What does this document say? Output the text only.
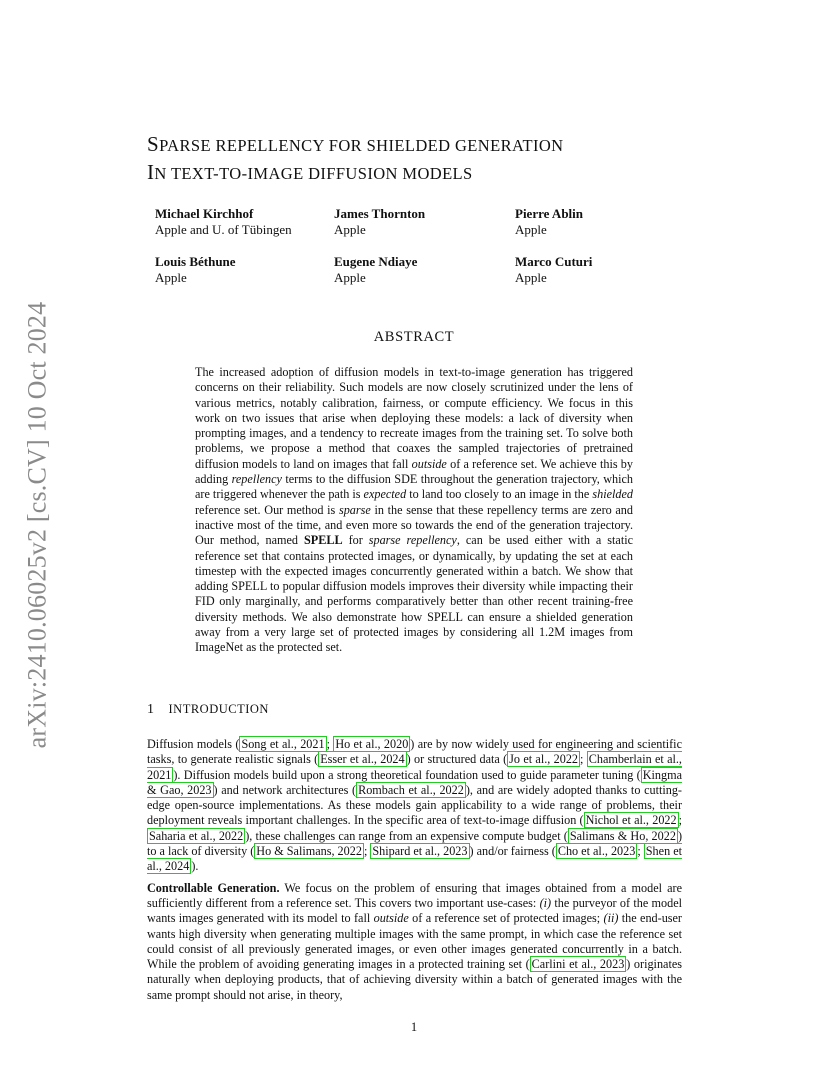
arXiv:2410.06025v2 [cs.CV] 10 Oct 2024
SPARSE REPELLENCY FOR SHIELDED GENERATION
IN TEXT-TO-IMAGE DIFFUSION MODELS
Michael Kirchhof
Apple and U. of Tübingen
James Thornton
Apple
Pierre Ablin
Apple
Louis Béthune
Apple
Eugene Ndiaye
Apple
Marco Cuturi
Apple
ABSTRACT
The increased adoption of diffusion models in text-to-image generation has triggered concerns on their reliability. Such models are now closely scrutinized under the lens of various metrics, notably calibration, fairness, or compute efficiency. We focus in this work on two issues that arise when deploying these models: a lack of diversity when prompting images, and a tendency to recreate images from the training set. To solve both problems, we propose a method that coaxes the sampled trajectories of pretrained diffusion models to land on images that fall outside of a reference set. We achieve this by adding repellency terms to the diffusion SDE throughout the generation trajectory, which are triggered whenever the path is expected to land too closely to an image in the shielded reference set. Our method is sparse in the sense that these repellency terms are zero and inactive most of the time, and even more so towards the end of the generation trajectory. Our method, named SPELL for sparse repellency, can be used either with a static reference set that contains protected images, or dynamically, by updating the set at each timestep with the expected images concurrently generated within a batch. We show that adding SPELL to popular diffusion models improves their diversity while impacting their FID only marginally, and performs comparatively better than other recent training-free diversity methods. We also demonstrate how SPELL can ensure a shielded generation away from a very large set of protected images by considering all 1.2M images from ImageNet as the protected set.
1 INTRODUCTION

Diffusion models ( Song et al., 2021 ; Ho et al., 2020 ) are by now widely used for engineering and scientific tasks, to generate realistic signals ( Esser et al., 2024 ) or structured data ( Jo et al., 2022 ; Chamberlain et al., 2021 ). Diffusion models build upon a strong theoretical foundation used to guide parameter tuning ( Kingma & Gao, 2023 ) and network architectures ( Rombach et al., 2022 ), and are widely adopted thanks to cutting-edge open-source implementations. As these models gain applicability to a wide range of problems, their deployment reveals important challenges. In the specific area of text-to-image diffusion ( Nichol et al., 2022 ; Saharia et al., 2022 ), these challenges can range from an expensive compute budget ( Salimans & Ho, 2022 ) to a lack of diversity ( Ho & Salimans, 2022 ; Shipard et al., 2023 ) and/or fairness ( Cho et al., 2023 ; Shen et al., 2024 ).

Controllable Generation. We focus on the problem of ensuring that images obtained from a model are sufficiently different from a reference set. This covers two important use-cases: (i) the purveyor of the model wants images generated with its model to fall outside of a reference set of protected images; (ii) the end-user wants high diversity when generating multiple images with the same prompt, in which case the reference set could consist of all previously generated images, or even other images generated concurrently in a batch. While the problem of avoiding generating images in a protected training set ( Carlini et al., 2023 ) originates naturally when deploying products, that of achieving diversity within a batch of generated images with the same prompt should not arise, in theory,

1
